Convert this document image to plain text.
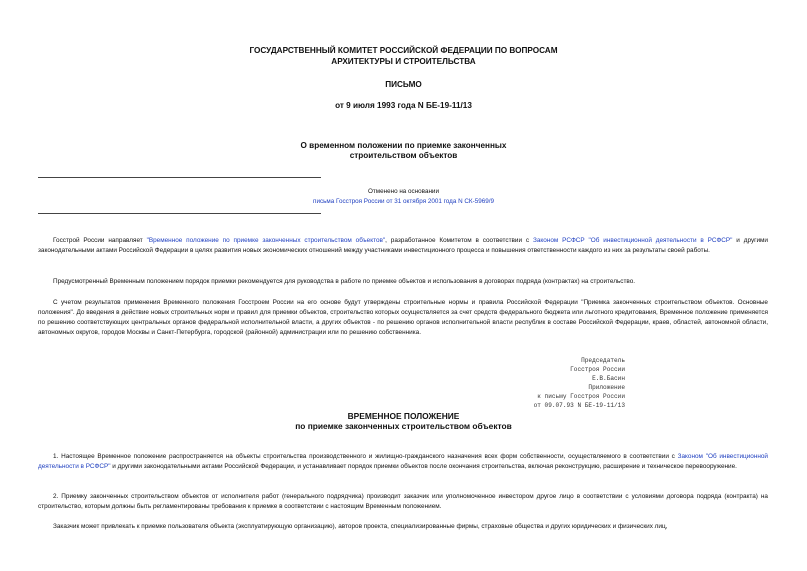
ГОСУДАРСТВЕННЫЙ КОМИТЕТ РОССИЙСКОЙ ФЕДЕРАЦИИ ПО ВОПРОСАМ
АРХИТЕКТУРЫ И СТРОИТЕЛЬСТВА
ПИСЬМО
от 9 июля 1993 года N БЕ-19-11/13
О временном положении по приемке законченных
строительством объектов
Отменено на основании
письма Госстроя России от 31 октября 2001 года N СК-5969/9

Госстрой России направляет "Временное положение по приемке законченных строительством объектов", разработанное Комитетом в соответствии с Законом РСФСР "Об инвестиционной деятельности в РСФСР" и другими законодательными актами Российской Федерации в целях развития новых экономических отношений между участниками инвестиционного процесса и повышения ответственности каждого из них за результаты своей работы.

Предусмотренный Временным положением порядок приемки рекомендуется для руководства в работе по приемке объектов и использования в договорах подряда (контрактах) на строительство.

С учетом результатов применения Временного положения Госстроем России на его основе будут утверждены строительные нормы и правила Российской Федерации "Приемка законченных строительством объектов. Основные положения". До введения в действие новых строительных норм и правил для приемки объектов, строительство которых осуществляется за счет средств федерального бюджета или льготного кредитования, Временное положение применяется по решению соответствующих центральных органов федеральной исполнительной власти, а других объектов - по решению органов исполнительной власти республик в составе Российской Федерации, краев, областей, автономной области, автономных округов, городов Москвы и Санкт-Петербурга, городской (районной) администрации или по решению собственника.

Председатель
Госстроя России
Е.В.Басин
Приложение
к письму Госстроя России
от 09.07.93 N БЕ-19-11/13
ВРЕМЕННОЕ ПОЛОЖЕНИЕ
по приемке законченных строительством объектов

1. Настоящее Временное положение распространяется на объекты строительства производственного и жилищно-гражданского назначения всех форм собственности, осуществляемого в соответствии с Законом "Об инвестиционной деятельности в РСФСР" и другими законодательными актами Российской Федерации, и устанавливает порядок приемки объектов после окончания строительства, включая реконструкцию, расширение и техническое перевооружение.

2. Приемку законченных строительством объектов от исполнителя работ (генерального подрядчика) производит заказчик или уполномоченное инвестором другое лицо в соответствии с условиями договора подряда (контракта) на строительство, которым должны быть регламентированы требования к приемке в соответствии с настоящим Временным положением.

Заказчик может привлекать к приемке пользователя объекта (эксплуатирующую организацию), авторов проекта, специализированные фирмы, страховые общества и других юридических и физических лиц,
